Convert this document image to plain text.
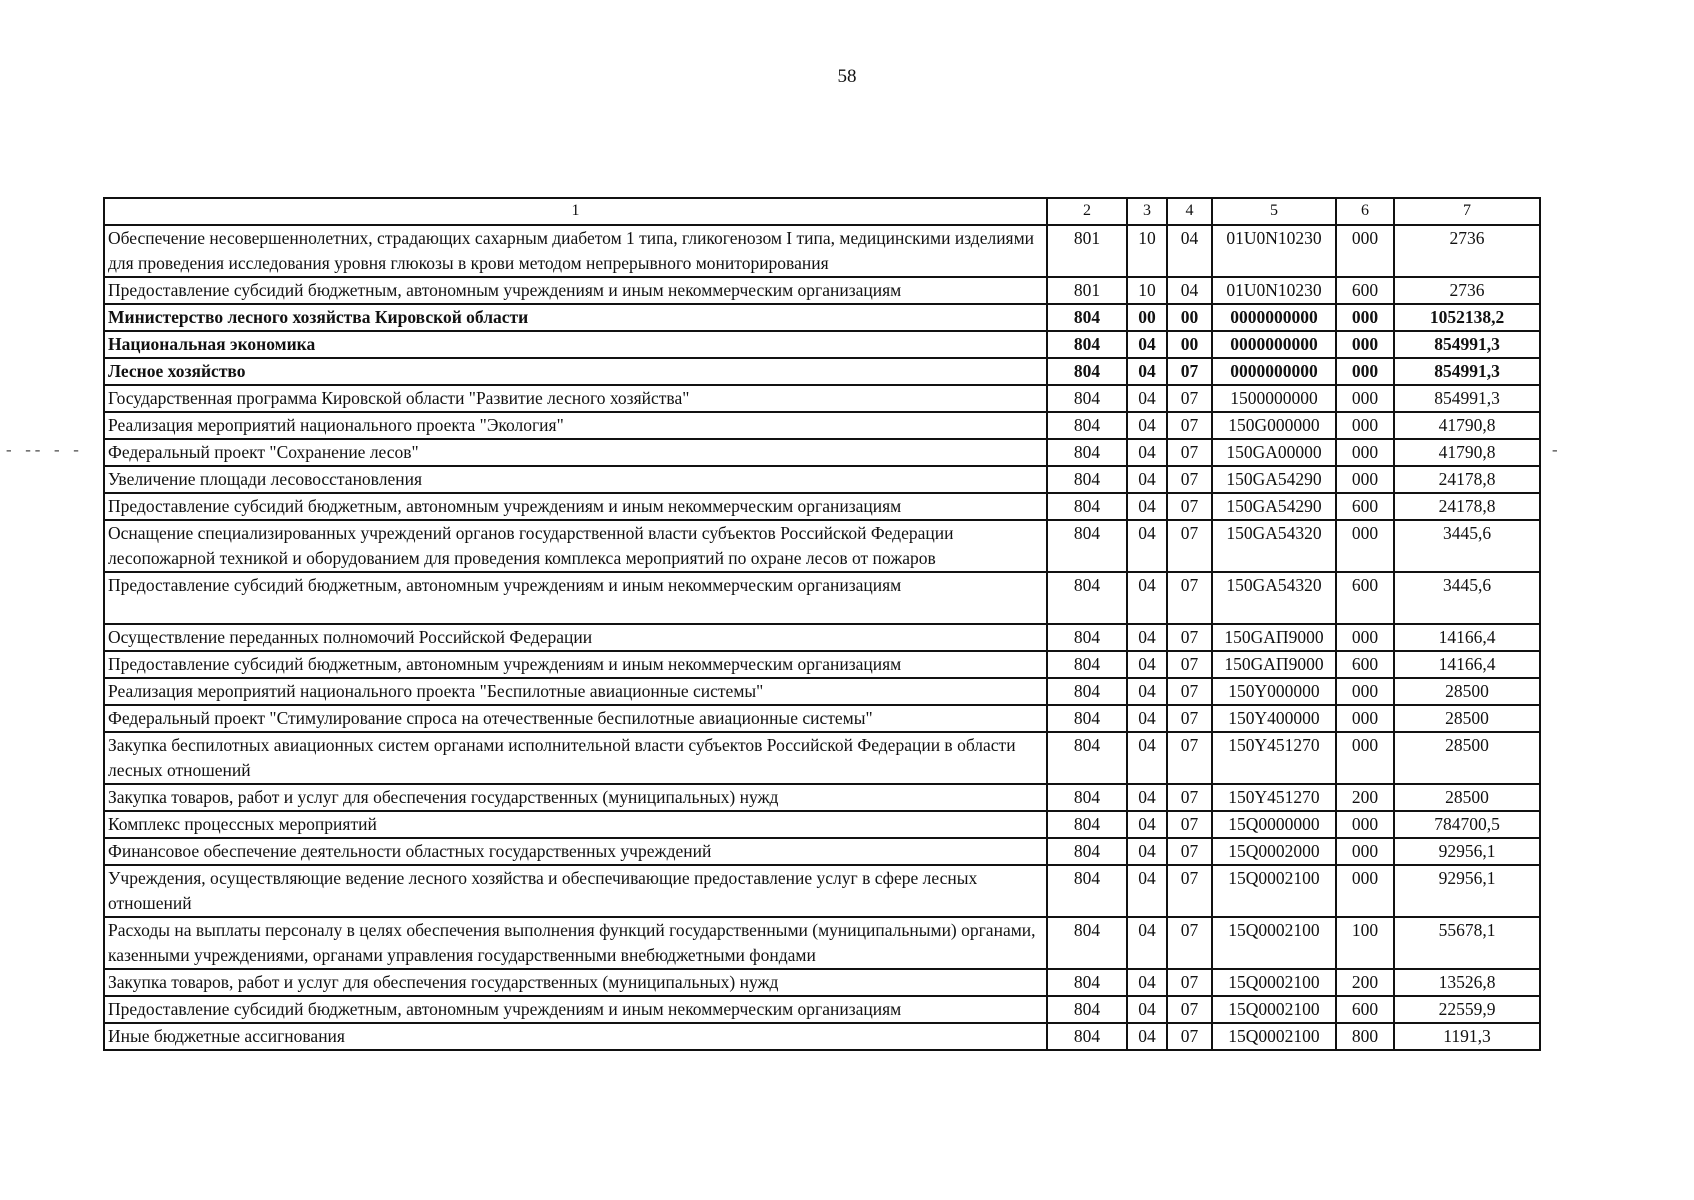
58
- -- - -	-
1	2	3	4	5	6	7
Обеспечение несовершеннолетних, страдающих сахарным диабетом 1 типа, гликогенозом I типа, медицинскими изделиями для проведения исследования уровня глюкозы в крови методом непрерывного мониторирования	801	10	04	01U0N10230	000	2736
Предоставление субсидий бюджетным, автономным учреждениям и иным некоммерческим организациям	801	10	04	01U0N10230	600	2736
Министерство лесного хозяйства Кировской области	804	00	00	0000000000	000	1052138,2
Национальная экономика	804	04	00	0000000000	000	854991,3
Лесное хозяйство	804	04	07	0000000000	000	854991,3
Государственная программа Кировской области "Развитие лесного хозяйства"	804	04	07	1500000000	000	854991,3
Реализация мероприятий национального проекта "Экология"	804	04	07	150G000000	000	41790,8
Федеральный проект "Сохранение лесов"	804	04	07	150GA00000	000	41790,8
Увеличение площади лесовосстановления	804	04	07	150GA54290	000	24178,8
Предоставление субсидий бюджетным, автономным учреждениям и иным некоммерческим организациям	804	04	07	150GA54290	600	24178,8
Оснащение специализированных учреждений органов государственной власти субъектов Российской Федерации лесопожарной техникой и оборудованием для проведения комплекса мероприятий по охране лесов от пожаров	804	04	07	150GA54320	000	3445,6
Предоставление субсидий бюджетным, автономным учреждениям и иным некоммерческим организациям	804	04	07	150GA54320	600	3445,6
Осуществление переданных полномочий Российской Федерации	804	04	07	150GAП9000	000	14166,4
Предоставление субсидий бюджетным, автономным учреждениям и иным некоммерческим организациям	804	04	07	150GAП9000	600	14166,4
Реализация мероприятий национального проекта "Беспилотные авиационные системы"	804	04	07	150Y000000	000	28500
Федеральный проект "Стимулирование спроса на отечественные беспилотные авиационные системы"	804	04	07	150Y400000	000	28500
Закупка беспилотных авиационных систем органами исполнительной власти субъектов Российской Федерации в области лесных отношений	804	04	07	150Y451270	000	28500
Закупка товаров, работ и услуг для обеспечения государственных (муниципальных) нужд	804	04	07	150Y451270	200	28500
Комплекс процессных мероприятий	804	04	07	15Q0000000	000	784700,5
Финансовое обеспечение деятельности областных государственных учреждений	804	04	07	15Q0002000	000	92956,1
Учреждения, осуществляющие ведение лесного хозяйства и обеспечивающие предоставление услуг в сфере лесных отношений	804	04	07	15Q0002100	000	92956,1
Расходы на выплаты персоналу в целях обеспечения выполнения функций государственными (муниципальными) органами, казенными учреждениями, органами управления государственными внебюджетными фондами	804	04	07	15Q0002100	100	55678,1
Закупка товаров, работ и услуг для обеспечения государственных (муниципальных) нужд	804	04	07	15Q0002100	200	13526,8
Предоставление субсидий бюджетным, автономным учреждениям и иным некоммерческим организациям	804	04	07	15Q0002100	600	22559,9
Иные бюджетные ассигнования	804	04	07	15Q0002100	800	1191,3
